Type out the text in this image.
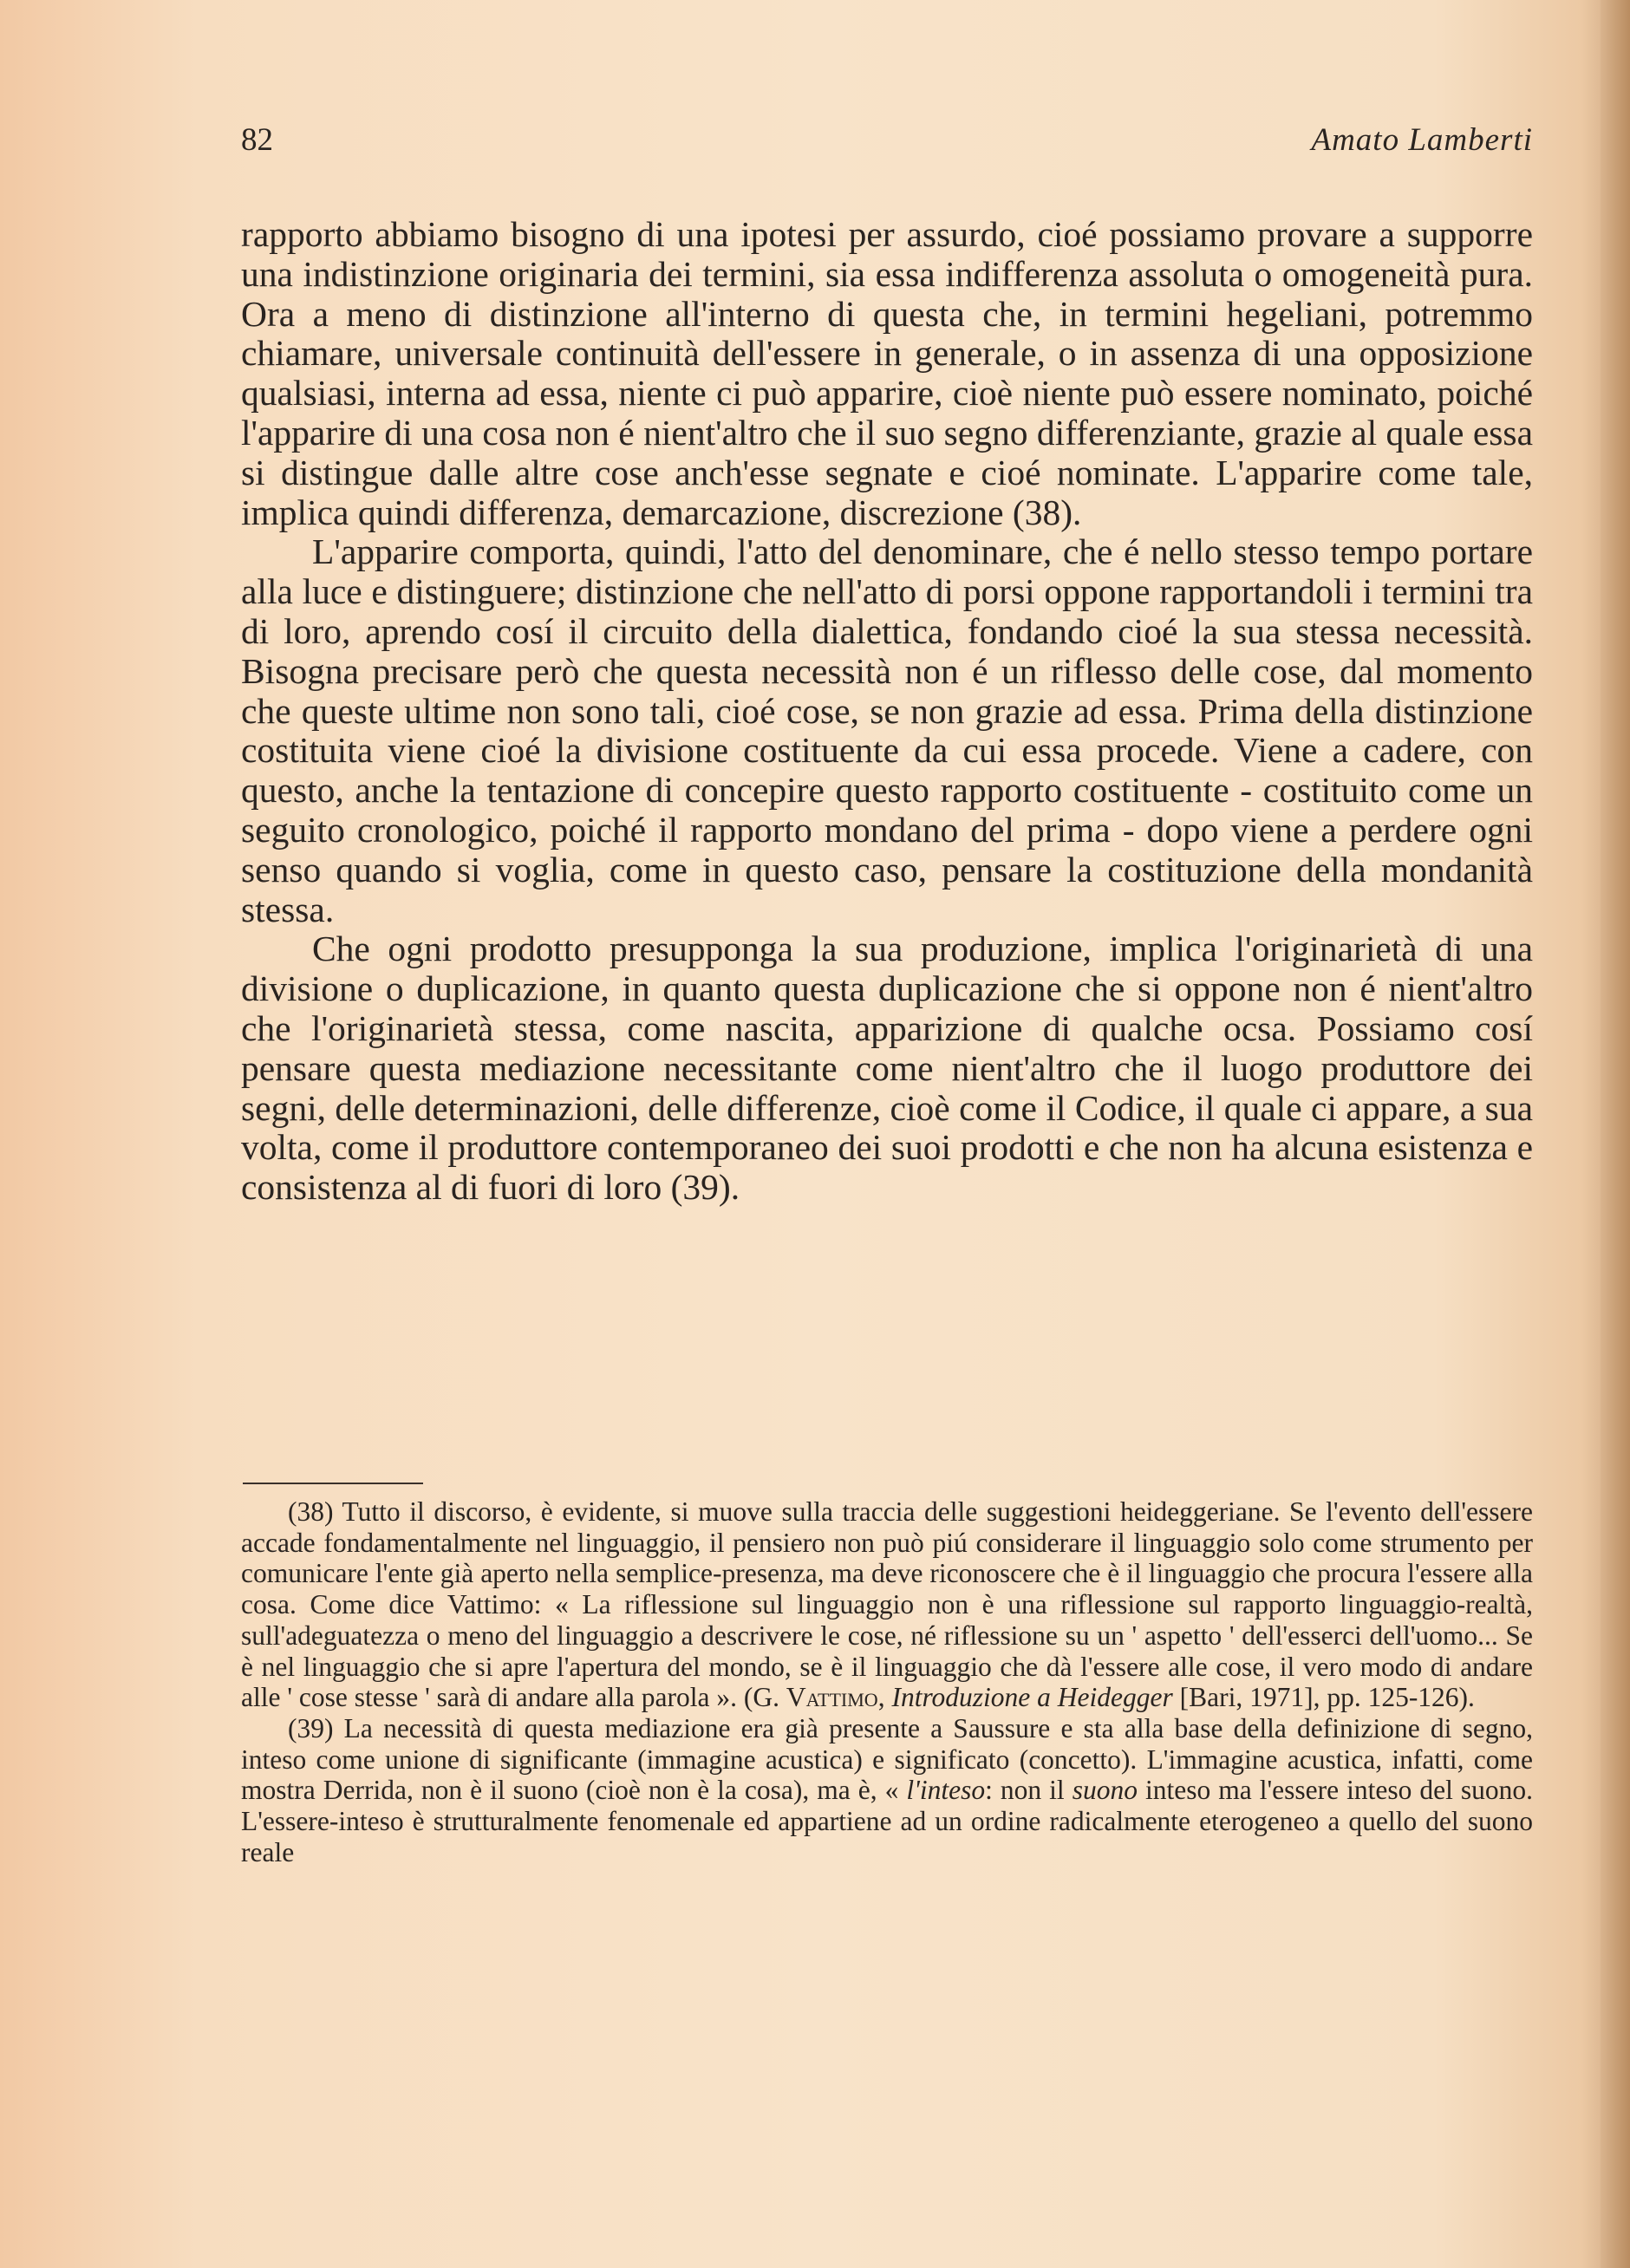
82	Amato Lamberti

rapporto abbiamo bisogno di una ipotesi per assurdo, cioé possiamo provare a supporre una indistinzione originaria dei termini, sia essa indifferenza assoluta o omogeneità pura. Ora a meno di distinzione all'interno di questa che, in termini hegeliani, potremmo chiamare, universale continuità dell'essere in generale, o in assenza di una opposizione qualsiasi, interna ad essa, niente ci può apparire, cioè niente può essere nominato, poiché l'apparire di una cosa non é nient'altro che il suo segno differenziante, grazie al quale essa si distingue dalle altre cose anch'esse segnate e cioé nominate. L'apparire come tale, implica quindi differenza, demarcazione, discrezione (38).

L'apparire comporta, quindi, l'atto del denominare, che é nello stesso tempo portare alla luce e distinguere; distinzione che nell'atto di porsi oppone rapportandoli i termini tra di loro, aprendo cosí il circuito della dialettica, fondando cioé la sua stessa necessità. Bisogna precisare però che questa necessità non é un riflesso delle cose, dal momento che queste ultime non sono tali, cioé cose, se non grazie ad essa. Prima della distinzione costituita viene cioé la divisione costituente da cui essa procede. Viene a cadere, con questo, anche la tentazione di concepire questo rapporto costituente - costituito come un seguito cronologico, poiché il rapporto mondano del prima - dopo viene a perdere ogni senso quando si voglia, come in questo caso, pensare la costituzione della mondanità stessa.

Che ogni prodotto presupponga la sua produzione, implica l'originarietà di una divisione o duplicazione, in quanto questa duplicazione che si oppone non é nient'altro che l'originarietà stessa, come nascita, apparizione di qualche ocsa. Possiamo cosí pensare questa mediazione necessitante come nient'altro che il luogo produttore dei segni, delle determinazioni, delle differenze, cioè come il Codice, il quale ci appare, a sua volta, come il produttore contemporaneo dei suoi prodotti e che non ha alcuna esistenza e consistenza al di fuori di loro (39).

(38) Tutto il discorso, è evidente, si muove sulla traccia delle suggestioni heideggeriane. Se l'evento dell'essere accade fondamentalmente nel linguaggio, il pensiero non può piú considerare il linguaggio solo come strumento per comunicare l'ente già aperto nella semplice-presenza, ma deve riconoscere che è il linguaggio che procura l'essere alla cosa. Come dice Vattimo: « La riflessione sul linguaggio non è una riflessione sul rapporto linguaggio-realtà, sull'adeguatezza o meno del linguaggio a descrivere le cose, né riflessione su un ' aspetto ' dell'esserci dell'uomo... Se è nel linguaggio che si apre l'apertura del mondo, se è il linguaggio che dà l'essere alle cose, il vero modo di andare alle ' cose stesse ' sarà di andare alla parola ». (G. Vattimo, Introduzione a Heidegger [Bari, 1971], pp. 125-126).

(39) La necessità di questa mediazione era già presente a Saussure e sta alla base della definizione di segno, inteso come unione di significante (immagine acustica) e significato (concetto). L'immagine acustica, infatti, come mostra Derrida, non è il suono (cioè non è la cosa), ma è, « l'inteso: non il suono inteso ma l'essere inteso del suono. L'essere-inteso è strutturalmente fenomenale ed appartiene ad un ordine radicalmente eterogeneo a quello del suono reale
